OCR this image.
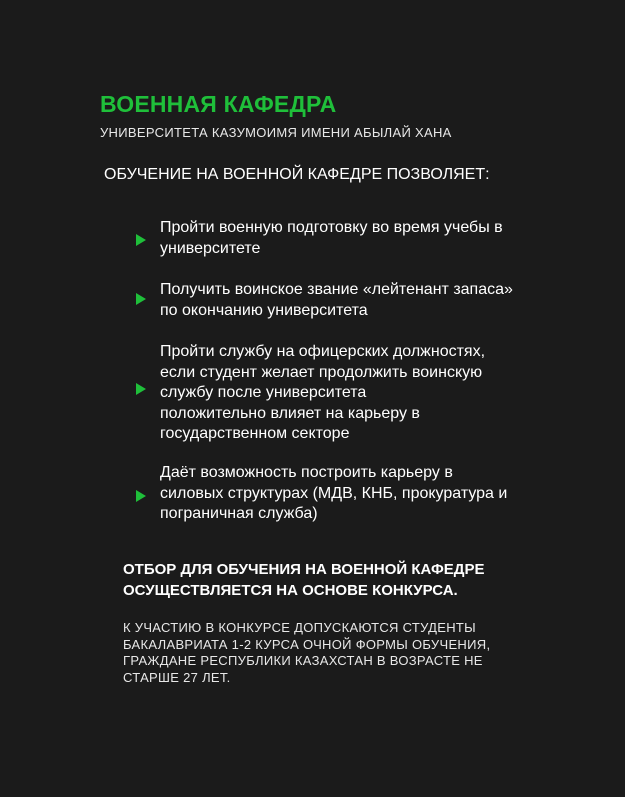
ВОЕННАЯ КАФЕДРА
УНИВЕРСИТЕТА КАЗУМОИМЯ ИМЕНИ АБЫЛАЙ ХАНА
ОБУЧЕНИЕ НА ВОЕННОЙ КАФЕДРЕ ПОЗВОЛЯЕТ:
Пройти военную подготовку во время учебы в
университете
Получить воинское звание «лейтенант запаса»
по окончанию университета
Пройти службу на офицерских должностях,
если студент желает продолжить воинскую
службу после университета
положительно влияет на карьеру в
государственном секторе
Даёт возможность построить карьеру в
силовых структурах (МДВ, КНБ, прокуратура и
пограничная служба)
ОТБОР ДЛЯ ОБУЧЕНИЯ НА ВОЕННОЙ КАФЕДРЕ
ОСУЩЕСТВЛЯЕТСЯ НА ОСНОВЕ КОНКУРСА.
К УЧАСТИЮ В КОНКУРСЕ ДОПУСКАЮТСЯ СТУДЕНТЫ
БАКАЛАВРИАТА 1-2 КУРСА ОЧНОЙ ФОРМЫ ОБУЧЕНИЯ,
ГРАЖДАНЕ РЕСПУБЛИКИ КАЗАХСТАН В ВОЗРАСТЕ НЕ
СТАРШЕ 27 ЛЕТ.
